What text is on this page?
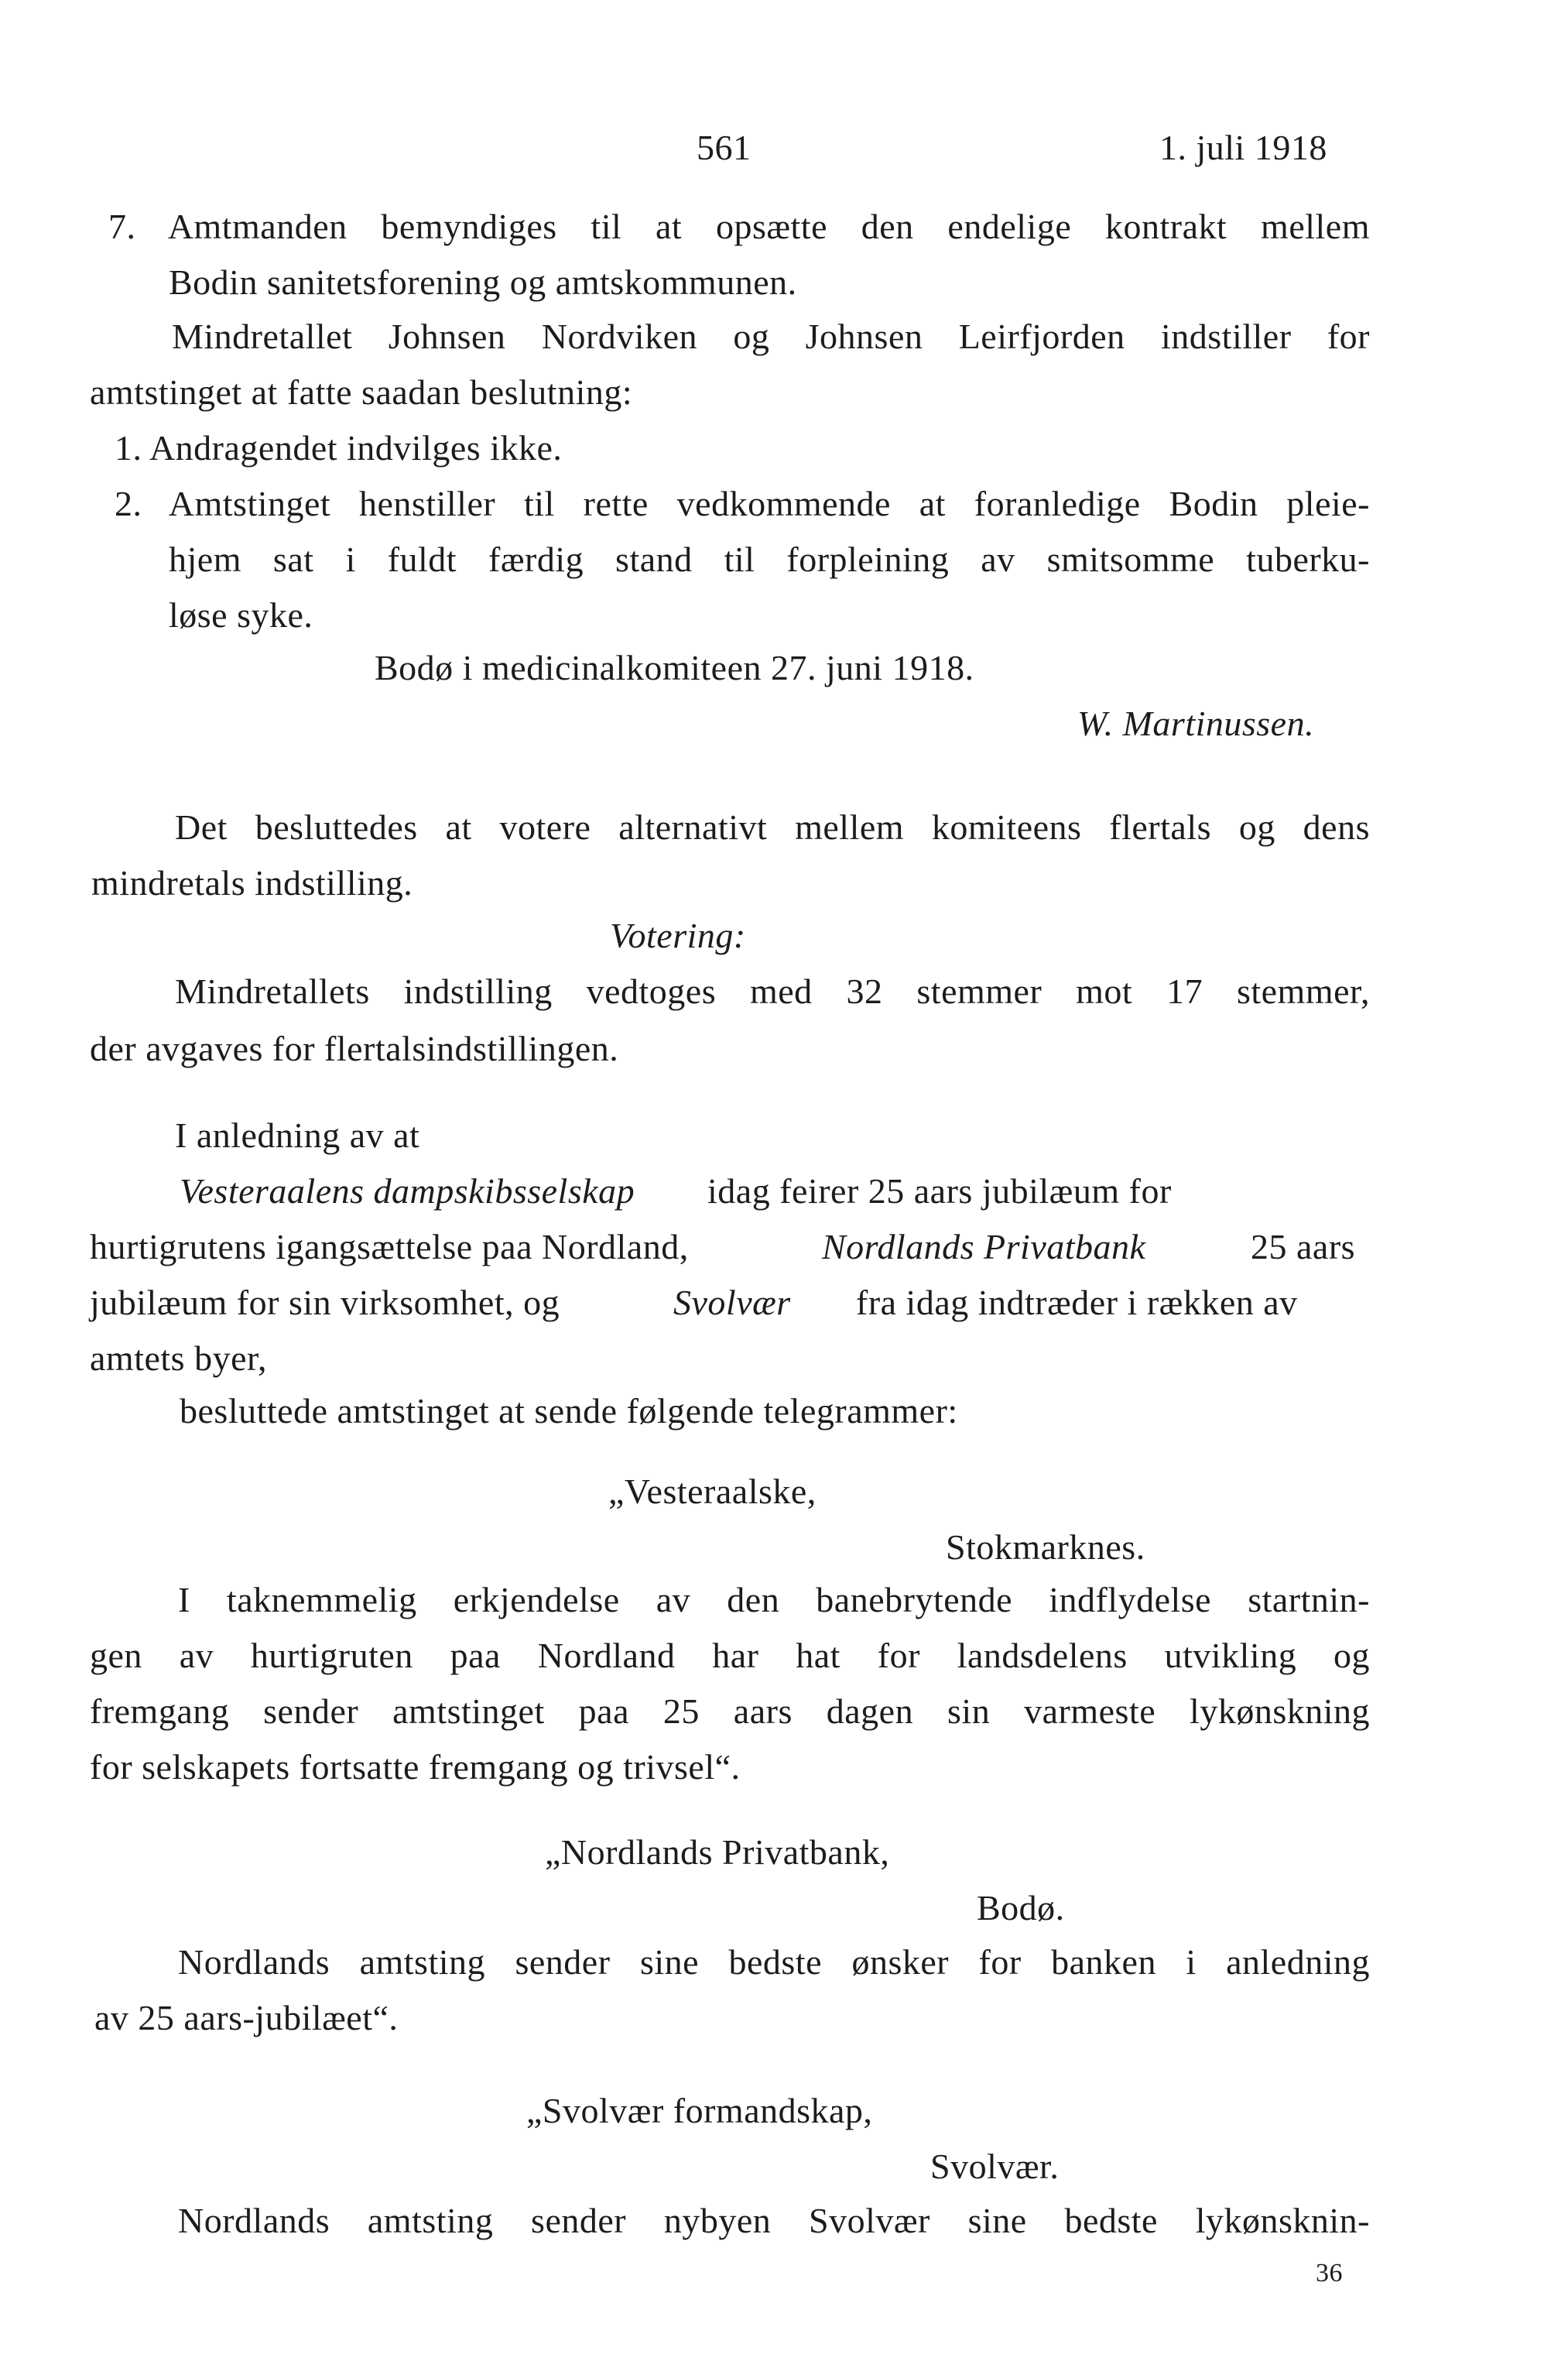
561	1. juli 1918
7. Amtmanden bemyndiges til at opsætte den endelige kontrakt mellem
Bodin sanitetsforening og amtskommunen.
Mindretallet Johnsen Nordviken og Johnsen Leirfjorden indstiller for
amtstinget at fatte saadan beslutning:
1. Andragendet indvilges ikke.
2. Amtstinget henstiller til rette vedkommende at foranledige Bodin pleie-
hjem sat i fuldt færdig stand til forpleining av smitsomme tuberku-
løse syke.
Bodø i medicinalkomiteen 27. juni 1918.
W. Martinussen.
Det besluttedes at votere alternativt mellem komiteens flertals og dens
mindretals indstilling.
Votering:
Mindretallets indstilling vedtoges med 32 stemmer mot 17 stemmer,
der avgaves for flertalsindstillingen.
I anledning av at
Vesteraalens dampskibsselskap idag feirer 25 aars jubilæum for
hurtigrutens igangsættelse paa Nordland,	Nordlands Privatbank	25 aars
jubilæum for sin virksomhet, og	Svolvær fra idag indtræder i rækken av
amtets byer,
besluttede amtstinget at sende følgende telegrammer:
„Vesteraalske,
Stokmarknes.
I taknemmelig erkjendelse av den banebrytende indflydelse startnin-
gen av hurtigruten paa Nordland har hat for landsdelens utvikling og
fremgang sender amtstinget paa 25 aars dagen sin varmeste lykønskning
for selskapets fortsatte fremgang og trivsel“.
„Nordlands Privatbank,
Bodø.
Nordlands amtsting sender sine bedste ønsker for banken i anledning
av 25 aars-jubilæet“.
„Svolvær formandskap,
Svolvær.
Nordlands amtsting sender nybyen Svolvær sine bedste lykønsknin-
36
